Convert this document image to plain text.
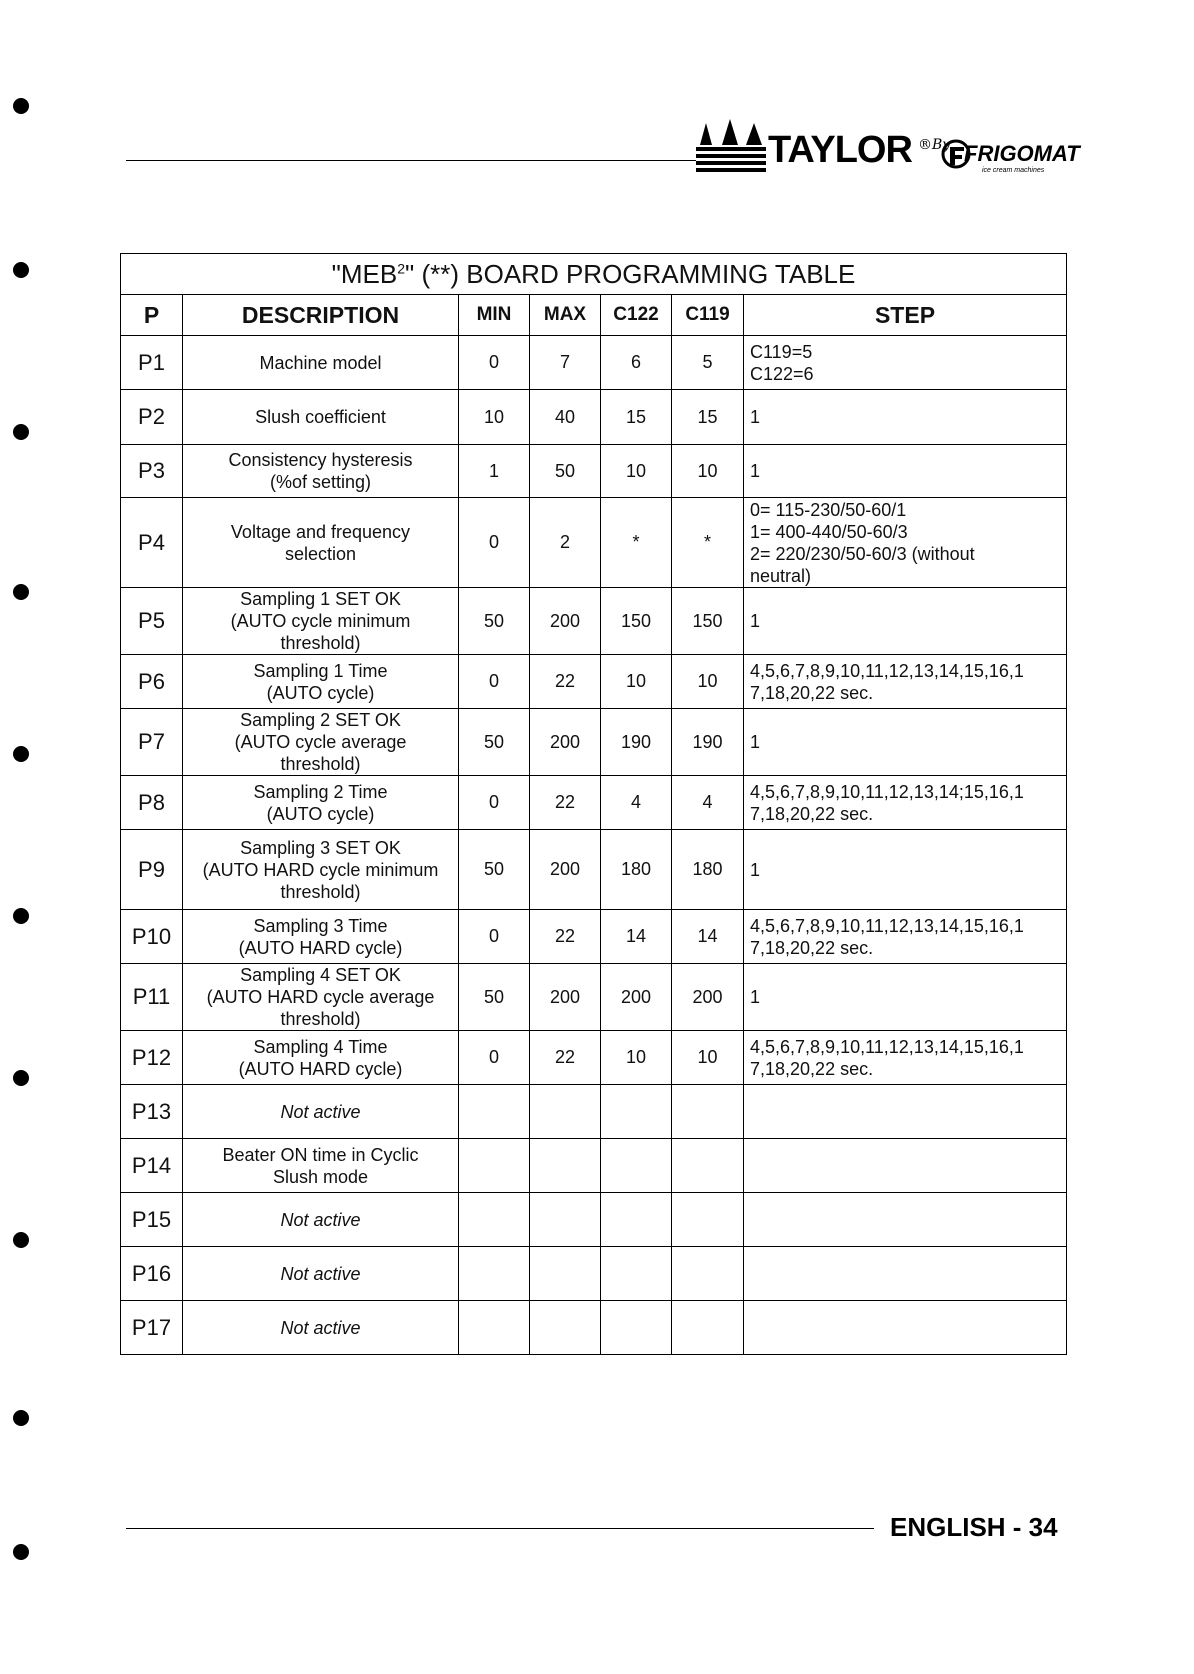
TAYLOR ®By FRIGOMAT
ice cream machines
"MEB$^2$" (**) BOARD PROGRAMMING TABLE						
P	DESCRIPTION	MIN	MAX	C122	C119	STEP
P1	Machine model	0	7	6	5	C119=5
C122=6
P2	Slush coefficient	10	40	15	15	1
P3	Consistency hysteresis
(%of setting)	1	50	10	10	1
P4	Voltage and frequency
selection	0	2	*	*	0= 115-230/50-60/1
1= 400-440/50-60/3
2= 220/230/50-60/3 (without
neutral)
P5	Sampling 1 SET OK
(AUTO cycle minimum
threshold)	50	200	150	150	1
P6	Sampling 1 Time
(AUTO cycle)	0	22	10	10	4,5,6,7,8,9,10,11,12,13,14,15,16,1
7,18,20,22 sec.
P7	Sampling 2 SET OK
(AUTO cycle average
threshold)	50	200	190	190	1
P8	Sampling 2 Time
(AUTO cycle)	0	22	4	4	4,5,6,7,8,9,10,11,12,13,14;15,16,1
7,18,20,22 sec.
P9	Sampling 3 SET OK
(AUTO HARD cycle minimum
threshold)	50	200	180	180	1
P10	Sampling 3 Time
(AUTO HARD cycle)	0	22	14	14	4,5,6,7,8,9,10,11,12,13,14,15,16,1
7,18,20,22 sec.
P11	Sampling 4 SET OK
(AUTO HARD cycle average
threshold)	50	200	200	200	1
P12	Sampling 4 Time
(AUTO HARD cycle)	0	22	10	10	4,5,6,7,8,9,10,11,12,13,14,15,16,1
7,18,20,22 sec.
P13	Not active					
P14	Beater ON time in Cyclic
Slush mode					
P15	Not active					
P16	Not active					
P17	Not active					
ENGLISH - 34
